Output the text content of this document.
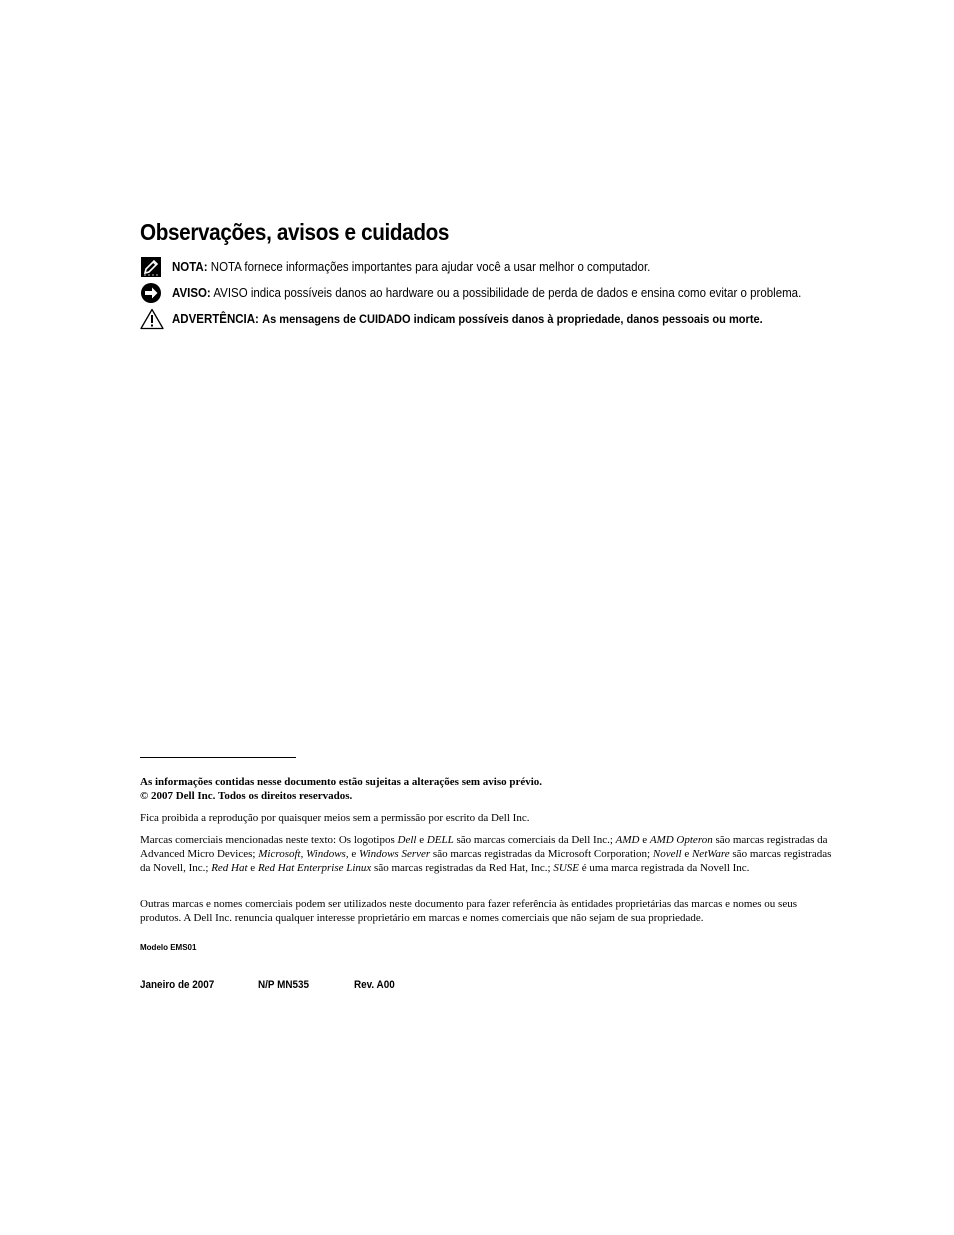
Observações, avisos e cuidados
NOTA: NOTA fornece informações importantes para ajudar você a usar melhor o computador.
AVISO: AVISO indica possíveis danos ao hardware ou a possibilidade de perda de dados e ensina como evitar o problema.
ADVERTÊNCIA: As mensagens de CUIDADO indicam possíveis danos à propriedade, danos pessoais ou morte.

As informações contidas nesse documento estão sujeitas a alterações sem aviso prévio.

© 2007 Dell Inc. Todos os direitos reservados.

Fica proibida a reprodução por quaisquer meios sem a permissão por escrito da Dell Inc.

Marcas comerciais mencionadas neste texto: Os logotipos Dell e DELL são marcas comerciais da Dell Inc.; AMD e AMD Opteron são marcas registradas da Advanced Micro Devices; Microsoft, Windows, e Windows Server são marcas registradas da Microsoft Corporation; Novell e NetWare são marcas registradas da Novell, Inc.; Red Hat e Red Hat Enterprise Linux são marcas registradas da Red Hat, Inc.; SUSE é uma marca registrada da Novell Inc.

Outras marcas e nomes comerciais podem ser utilizados neste documento para fazer referência às entidades proprietárias das marcas e nomes ou seus produtos. A Dell Inc. renuncia qualquer interesse proprietário em marcas e nomes comerciais que não sejam de sua propriedade.

Modelo EMS01
Janeiro de 2007	N/P MN535	Rev. A00
